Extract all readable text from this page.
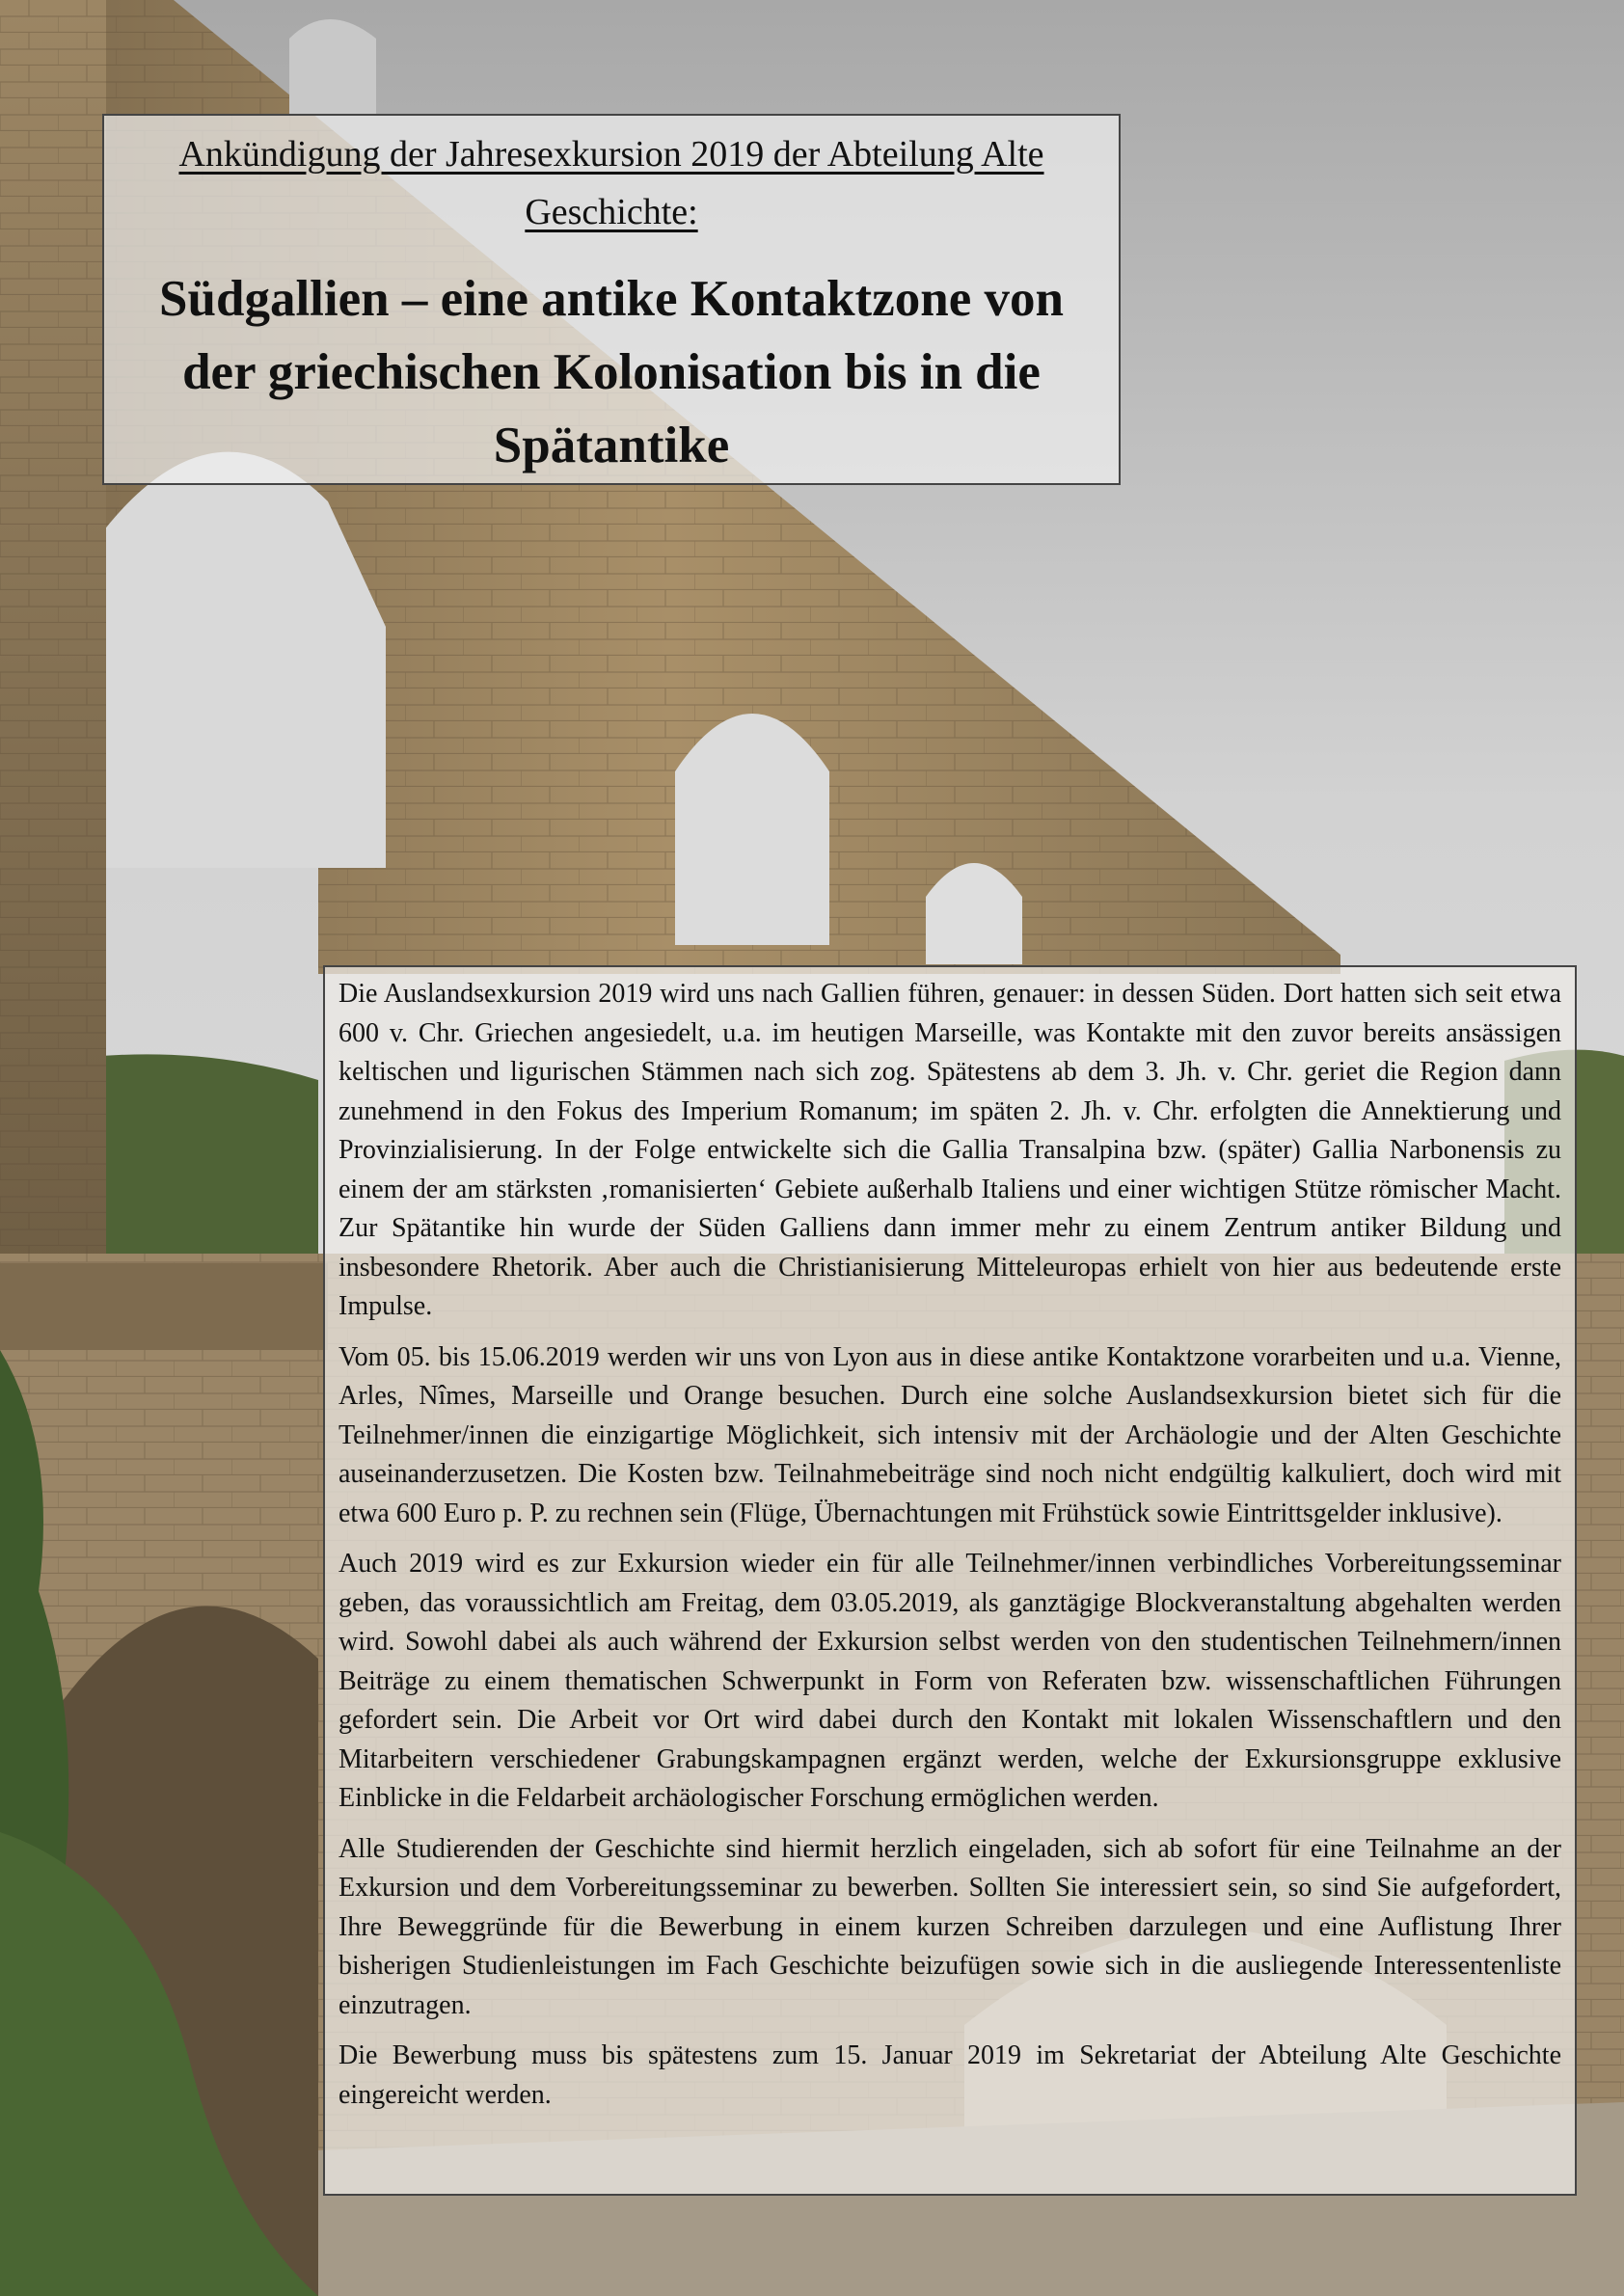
Ankündigung der Jahresexkursion 2019 der Abteilung Alte Geschichte:
Südgallien – eine antike Kontaktzone von der griechischen Kolonisation bis in die Spätantike

Die Auslandsexkursion 2019 wird uns nach Gallien führen, genauer: in dessen Süden. Dort hatten sich seit etwa 600 v. Chr. Griechen angesiedelt, u.a. im heutigen Marseille, was Kontakte mit den zuvor bereits ansässigen keltischen und ligurischen Stämmen nach sich zog. Spätestens ab dem 3. Jh. v. Chr. geriet die Region dann zunehmend in den Fokus des Imperium Romanum; im späten 2. Jh. v. Chr. erfolgten die Annektierung und Provinzialisierung. In der Folge entwickelte sich die Gallia Transalpina bzw. (später) Gallia Narbonensis zu einem der am stärksten ‚romanisierten‘ Gebiete außerhalb Italiens und einer wichtigen Stütze römischer Macht. Zur Spätantike hin wurde der Süden Galliens dann immer mehr zu einem Zentrum antiker Bildung und insbesondere Rhetorik. Aber auch die Christianisierung Mitteleuropas erhielt von hier aus bedeutende erste Impulse.

Vom 05. bis 15.06.2019 werden wir uns von Lyon aus in diese antike Kontaktzone vorarbeiten und u.a. Vienne, Arles, Nîmes, Marseille und Orange besuchen. Durch eine solche Auslandsexkursion bietet sich für die Teilnehmer/innen die einzigartige Möglichkeit, sich intensiv mit der Archäologie und der Alten Geschichte auseinanderzusetzen. Die Kosten bzw. Teilnahmebeiträge sind noch nicht endgültig kalkuliert, doch wird mit etwa 600 Euro p. P. zu rechnen sein (Flüge, Übernachtungen mit Frühstück sowie Eintrittsgelder inklusive).

Auch 2019 wird es zur Exkursion wieder ein für alle Teilnehmer/innen verbindliches Vorbereitungsseminar geben, das voraussichtlich am Freitag, dem 03.05.2019, als ganztägige Blockveranstaltung abgehalten werden wird. Sowohl dabei als auch während der Exkursion selbst werden von den studentischen Teilnehmern/innen Beiträge zu einem thematischen Schwerpunkt in Form von Referaten bzw. wissenschaftlichen Führungen gefordert sein. Die Arbeit vor Ort wird dabei durch den Kontakt mit lokalen Wissenschaftlern und den Mitarbeitern verschiedener Grabungskampagnen ergänzt werden, welche der Exkursionsgruppe exklusive Einblicke in die Feldarbeit archäologischer Forschung ermöglichen werden.

Alle Studierenden der Geschichte sind hiermit herzlich eingeladen, sich ab sofort für eine Teilnahme an der Exkursion und dem Vorbereitungsseminar zu bewerben. Sollten Sie interessiert sein, so sind Sie aufgefordert, Ihre Beweggründe für die Bewerbung in einem kurzen Schreiben darzulegen und eine Auflistung Ihrer bisherigen Studienleistungen im Fach Geschichte beizufügen sowie sich in die ausliegende Interessentenliste einzutragen.

Die Bewerbung muss bis spätestens zum 15. Januar 2019 im Sekretariat der Abteilung Alte Geschichte eingereicht werden.
